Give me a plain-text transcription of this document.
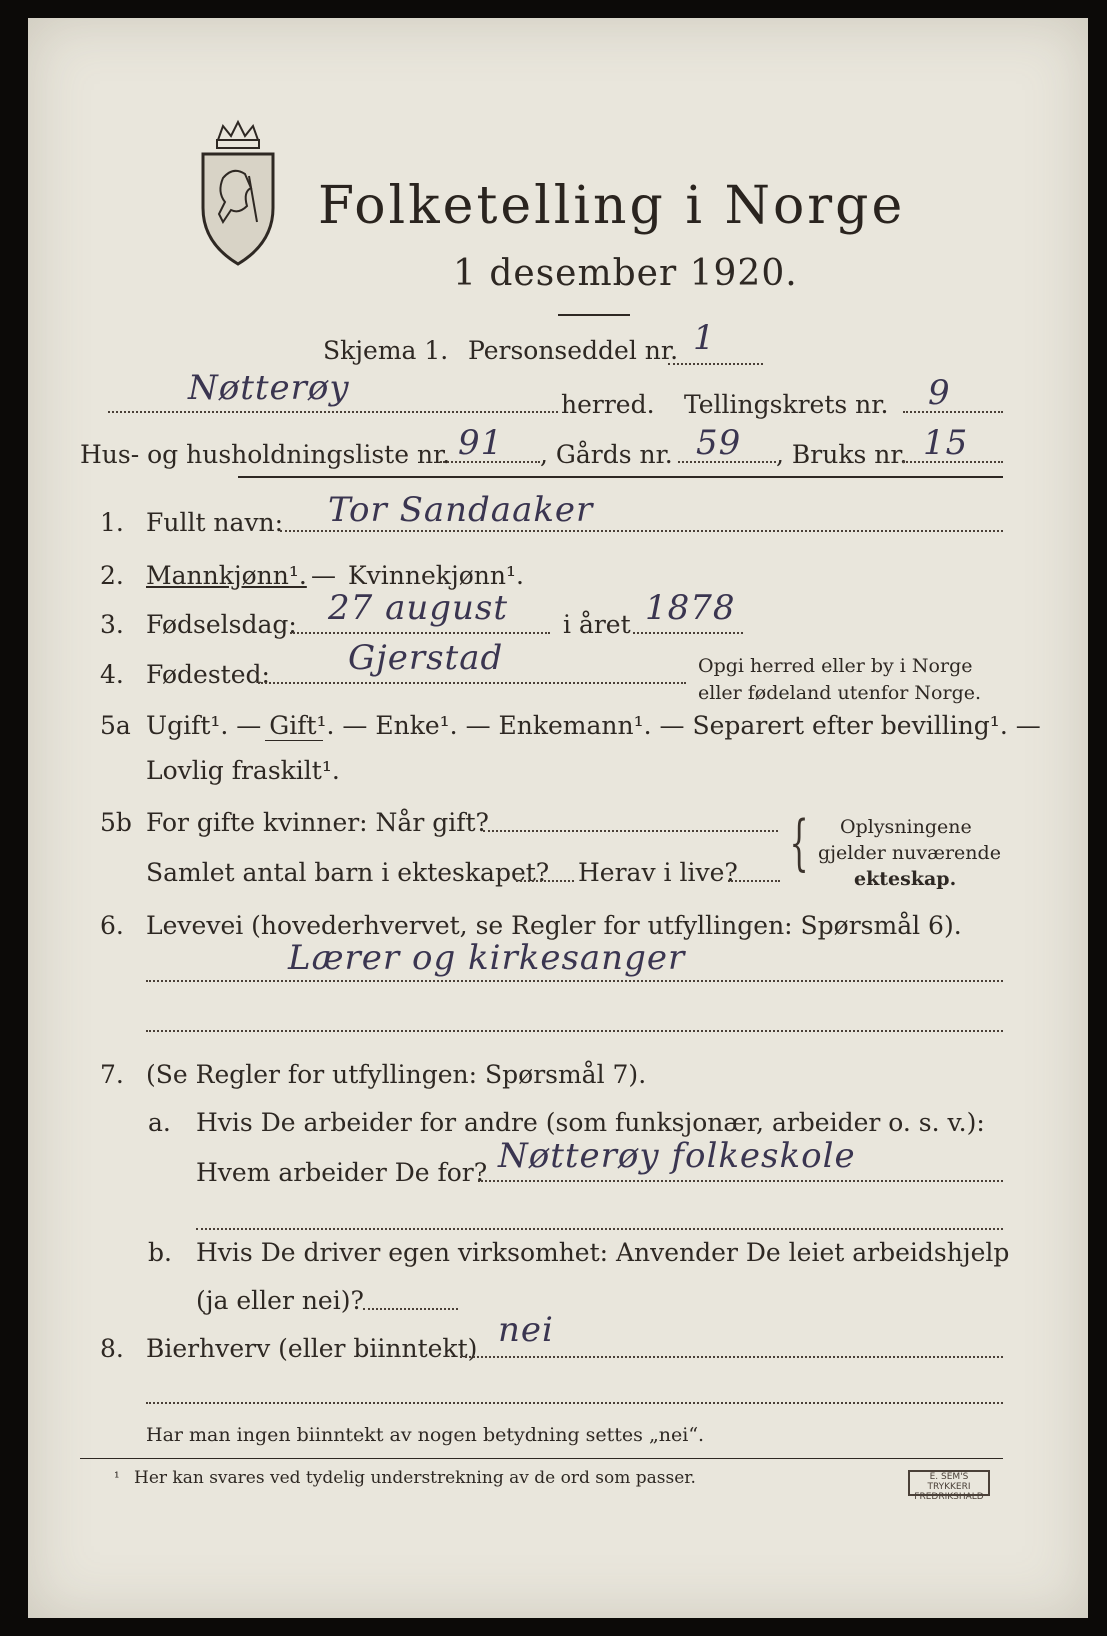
Folketelling i Norge
1 desember 1920.
Skjema 1. Personseddel nr. 1
Nøtterøy	herred. Tellingskrets nr. 9
Hus- og husholdningsliste nr. 91 , Gårds nr. 59 , Bruks nr. 15
1. Fullt navn: Tor Sandaaker
2. Mannkjønn¹. — Kvinnekjønn¹.
3. Fødselsdag: 27 august i året 1878
4. Fødested: Gjerstad	Opgi herred eller by i Norge
eller fødeland utenfor Norge.
5a Ugift¹. — Gift¹. — Enke¹. — Enkemann¹. — Separert efter bevilling¹. —
Lovlig fraskilt¹.
5b For gifte kvinner: Når gift?
Samlet antal barn i ekteskapet? Herav i live? { Oplysningene
gjelder nuværende
ekteskap.
6. Levevei (hovederhvervet, se Regler for utfyllingen: Spørsmål 6).
Lærer og kirkesanger
7. (Se Regler for utfyllingen: Spørsmål 7).
a. Hvis De arbeider for andre (som funksjonær, arbeider o. s. v.):
Hvem arbeider De for? Nøtterøy folkeskole
b. Hvis De driver egen virksomhet: Anvender De leiet arbeidshjelp
(ja eller nei)?
8. Bierhverv (eller biinntekt) nei
Har man ingen biinntekt av nogen betydning settes „nei“.
¹ Her kan svares ved tydelig understrekning av de ord som passer.	E. SEM'S TRYKKERI FREDRIKSHALD
